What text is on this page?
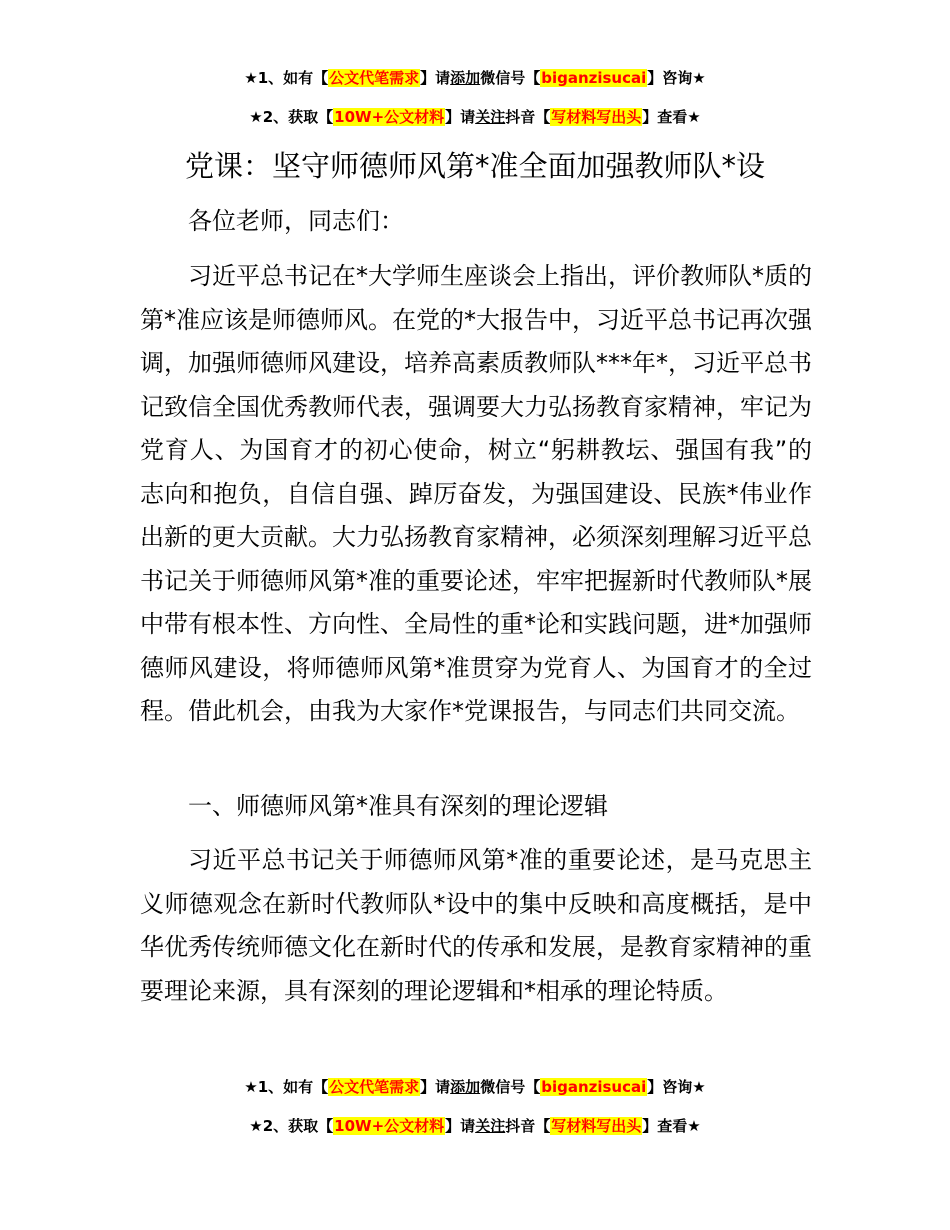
★1、如有【公文代笔需求】请添加微信号【biganzisucai】咨询★
★2、获取【10W+公文材料】请关注抖音【写材料写出头】查看★
党课：坚守师德师风第*准全面加强教师队*设
各位老师，同志们：
习近平总书记在*大学师生座谈会上指出，评价教师队*质的第*准应该是师德师风。在党的*大报告中，习近平总书记再次强调，加强师德师风建设，培养高素质教师队***年*，习近平总书记致信全国优秀教师代表，强调要大力弘扬教育家精神，牢记为党育人、为国育才的初心使命，树立“躬耕教坛、强国有我”的志向和抱负，自信自强、踔厉奋发，为强国建设、民族*伟业作出新的更大贡献。大力弘扬教育家精神，必须深刻理解习近平总书记关于师德师风第*准的重要论述，牢牢把握新时代教师队*展中带有根本性、方向性、全局性的重*论和实践问题，进*加强师德师风建设，将师德师风第*准贯穿为党育人、为国育才的全过程。借此机会，由我为大家作*党课报告，与同志们共同交流。
一、师德师风第*准具有深刻的理论逻辑
习近平总书记关于师德师风第*准的重要论述，是马克思主义师德观念在新时代教师队*设中的集中反映和高度概括，是中华优秀传统师德文化在新时代的传承和发展，是教育家精神的重要理论来源，具有深刻的理论逻辑和*相承的理论特质。
★1、如有【公文代笔需求】请添加微信号【biganzisucai】咨询★
★2、获取【10W+公文材料】请关注抖音【写材料写出头】查看★
